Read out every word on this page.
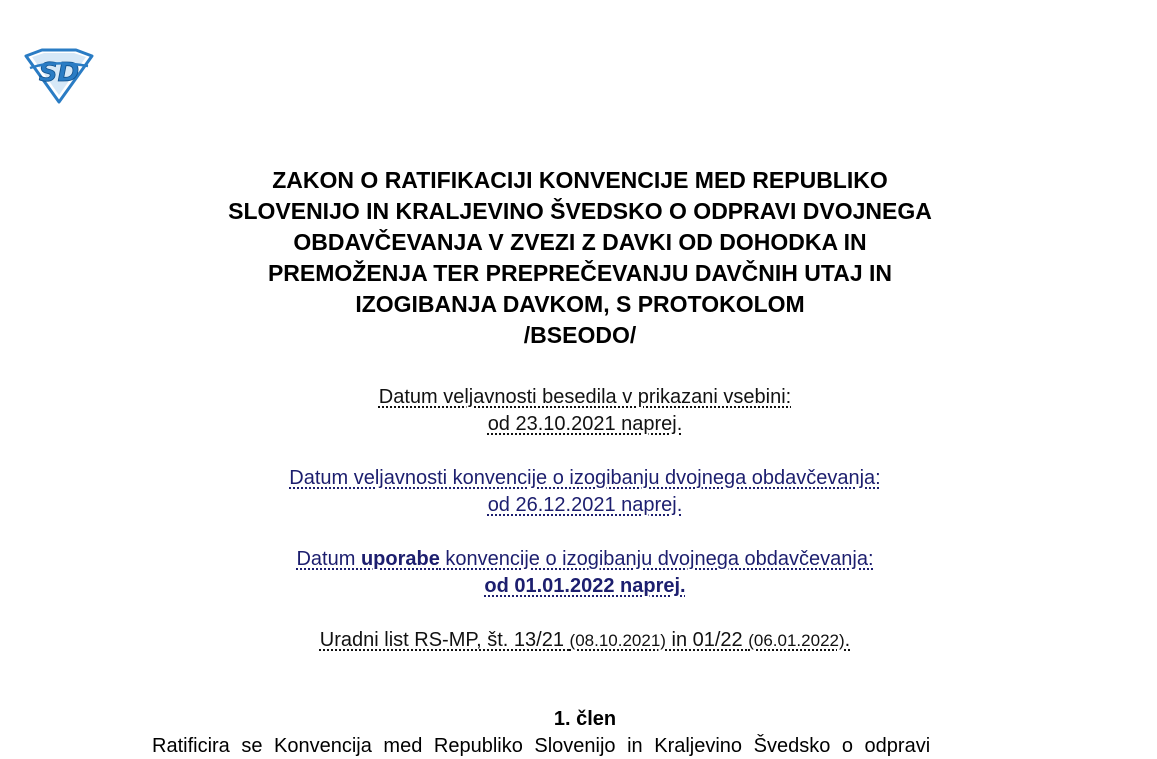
SD
ZAKON O RATIFIKACIJI KONVENCIJE MED REPUBLIKO
SLOVENIJO IN KRALJEVINO ŠVEDSKO O ODPRAVI DVOJNEGA
OBDAVČEVANJA V ZVEZI Z DAVKI OD DOHODKA IN
PREMOŽENJA TER PREPREČEVANJU DAVČNIH UTAJ IN
IZOGIBANJA DAVKOM, S PROTOKOLOM
/BSEODO/
Datum veljavnosti besedila v prikazani vsebini:
od 23.10.2021 naprej.
Datum veljavnosti konvencije o izogibanju dvojnega obdavčevanja:
od 26.12.2021 naprej.
Datum uporabe konvencije o izogibanju dvojnega obdavčevanja:
od 01.01.2022 naprej.
Uradni list RS-MP, št. 13/21 (08.10.2021) in 01/22 (06.01.2022).
1. člen
Ratificira se Konvencija med Republiko Slovenijo in Kraljevino Švedsko o odpravi
